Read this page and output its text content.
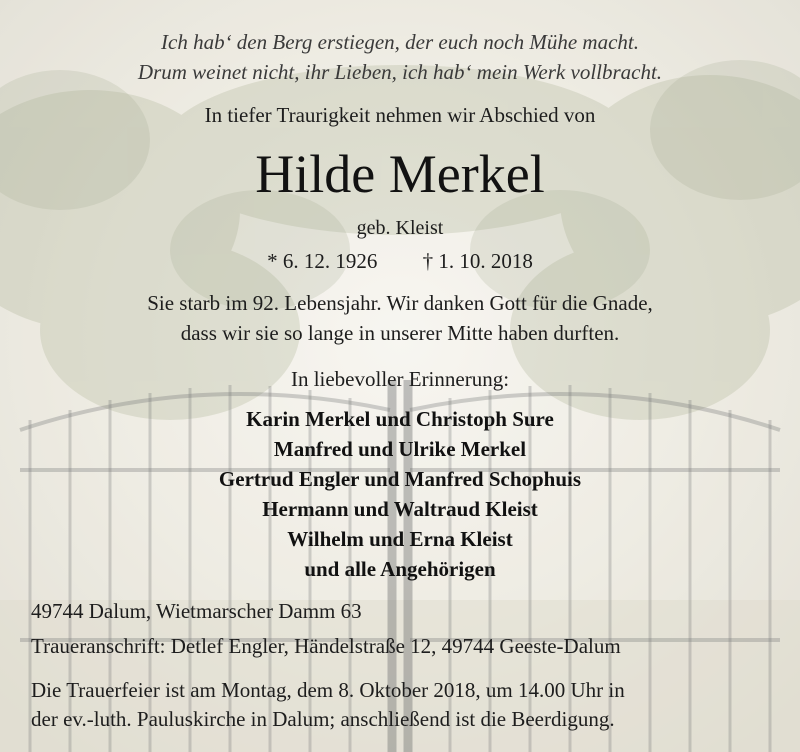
Ich hab‘ den Berg erstiegen, der euch noch Mühe macht.
Drum weinet nicht, ihr Lieben, ich hab‘ mein Werk vollbracht.
In tiefer Traurigkeit nehmen wir Abschied von
Hilde Merkel
geb. Kleist
* 6. 12. 1926 † 1. 10. 2018
Sie starb im 92. Lebensjahr. Wir danken Gott für die Gnade,
dass wir sie so lange in unserer Mitte haben durften.
In liebevoller Erinnerung:
Karin Merkel und Christoph Sure
Manfred und Ulrike Merkel
Gertrud Engler und Manfred Schophuis
Hermann und Waltraud Kleist
Wilhelm und Erna Kleist
und alle Angehörigen
49744 Dalum, Wietmarscher Damm 63
Traueranschrift: Detlef Engler, Händelstraße 12, 49744 Geeste-Dalum
Die Trauerfeier ist am Montag, dem 8. Oktober 2018, um 14.00 Uhr in
der ev.-luth. Pauluskirche in Dalum; anschließend ist die Beerdigung.
